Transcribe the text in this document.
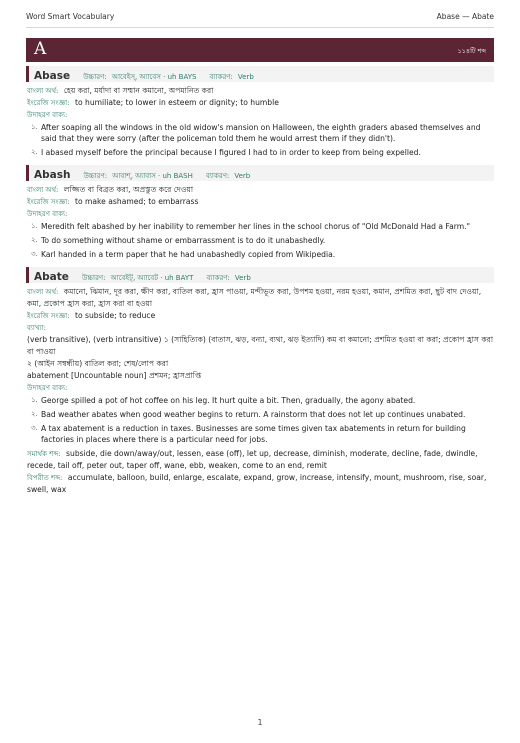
Word Smart Vocabulary	Abase — Abate
A	১১৪টি শব্দ
Abase উচ্চারণ: আবেইস্‌, অ্যাবেস · uh BAYS ব্যাকরণ: Verb
বাংলা অর্থ: হেয় করা, মর্যাদা বা সম্মান কমানো, অপমানিত করা
ইংরেজি সংজ্ঞা: to humiliate; to lower in esteem or dignity; to humble
উদাহরণ বাক্য:
১. After soaping all the windows in the old widow's mansion on Halloween, the eighth graders abased themselves and said that they were sorry (after the policeman told them he would arrest them if they didn't).
২. I abased myself before the principal because I figured I had to in order to keep from being expelled.
Abash উচ্চারণ: আবাশ্‌, অ্যাবাস · uh BASH ব্যাকরণ: Verb
বাংলা অর্থ: লজ্জিত বা বিব্রত করা, অপ্রস্তুত করে দেওয়া
ইংরেজি সংজ্ঞা: to make ashamed; to embarrass
উদাহরণ বাক্য:
১. Meredith felt abashed by her inability to remember her lines in the school chorus of "Old McDonald Had a Farm."
২. To do something without shame or embarrassment is to do it unabashedly.
৩. Karl handed in a term paper that he had unabashedly copied from Wikipedia.
Abate উচ্চারণ: আবেইট্‌, অ্যাবেট · uh BAYT ব্যাকরণ: Verb
বাংলা অর্থ: কমানো, ঝিমান, দূর করা, ক্ষীণ করা, বাতিল করা, হ্রাস পাওয়া, মন্দীভূত করা, উপশম হওয়া, নরম হওয়া, কমান, প্রশমিত করা, ছুট বাদ দেওয়া, কমা, প্রকোপ হ্রাস করা, হ্রাস করা বা হওয়া
ইংরেজি সংজ্ঞা: to subside; to reduce
ব্যাখ্যা:
(verb transitive), (verb intransitive) ১ (সাহিত্যিক) (বাতাস, ঝড়, বন্যা, ব্যথা, ঝড় ইত্যাদি) কম বা কমানো; প্রশমিত হওয়া বা করা; প্রকোপ হ্রাস করা বা পাওয়া
২ (আইন সম্বন্ধীয়) বাতিল করা; শেষ/লোপ করা
abatement [Uncountable noun] প্রশমন; হ্রাসপ্রাপ্তি
উদাহরণ বাক্য:
১. George spilled a pot of hot coffee on his leg. It hurt quite a bit. Then, gradually, the agony abated.
২. Bad weather abates when good weather begins to return. A rainstorm that does not let up continues unabated.
৩. A tax abatement is a reduction in taxes. Businesses are some times given tax abatements in return for building factories in places where there is a particular need for jobs.
সমার্থক শব্দ: subside, die down/away/out, lessen, ease (off), let up, decrease, diminish, moderate, decline, fade, dwindle, recede, tail off, peter out, taper off, wane, ebb, weaken, come to an end, remit
বিপরীত শব্দ: accumulate, balloon, build, enlarge, escalate, expand, grow, increase, intensify, mount, mushroom, rise, soar, swell, wax
1
